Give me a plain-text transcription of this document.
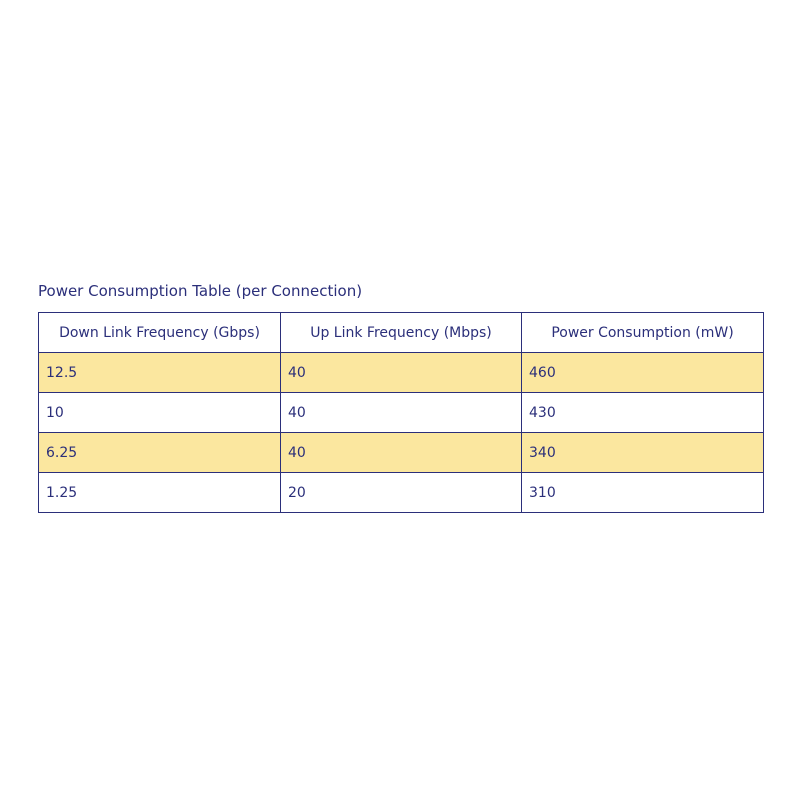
Power Consumption Table (per Connection)
Down Link Frequency (Gbps)	Up Link Frequency (Mbps)	Power Consumption (mW)
12.5	40	460
10	40	430
6.25	40	340
1.25	20	310
